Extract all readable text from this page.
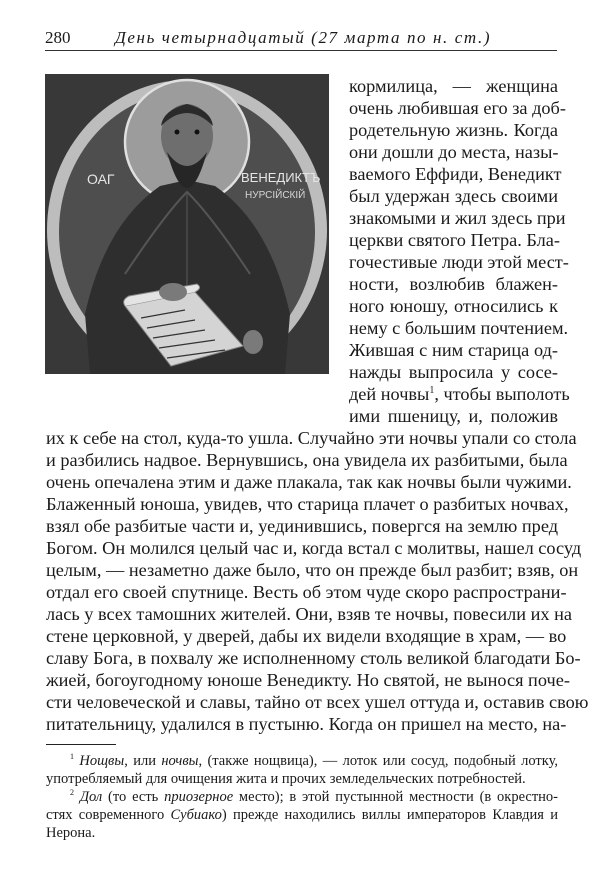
280	День четырнадцатый (27 марта по н. ст.)
ОАГ	ВЕНЕДИКТЪ
НУРСІЙСКІЙ
кормилица, — женщина
очень любившая его за доб-
родетельную жизнь. Когда
они дошли до места, назы-
ваемого Еффиди, Венедикт
был удержан здесь своими
знакомыми и жил здесь при
церкви святого Петра. Бла-
гочестивые люди этой мест-
ности, возлюбив блажен-
ного юношу, относились к
нему с большим почтением.
Жившая с ним старица од-
нажды выпросила у сосе-
дей ночвы$^1$, чтобы выполоть
ими пшеницу, и, положив
их к себе на стол, куда-то ушла. Случайно эти ночвы упали со стола
и разбились надвое. Вернувшись, она увидела их разбитыми, была
очень опечалена этим и даже плакала, так как ночвы были чужими.
Блаженный юноша, увидев, что старица плачет о разбитых ночвах,
взял обе разбитые части и, уединившись, повергся на землю пред
Богом. Он молился целый час и, когда встал с молитвы, нашел сосуд
целым, — незаметно даже было, что он прежде был разбит; взяв, он
отдал его своей спутнице. Весть об этом чуде скоро распространи-
лась у всех тамошних жителей. Они, взяв те ночвы, повесили их на
стене церковной, у дверей, дабы их видели входящие в храм, — во
славу Бога, в похвалу же исполненному столь великой благодати Бо-
жией, богоугодному юноше Венедикту. Но святой, не вынося поче-
сти человеческой и славы, тайно от всех ушел оттуда и, оставив свою
питательницу, удалился в пустыню. Когда он пришел на место, на-
$^1$ Нощвы, или ночвы, (также нощвица), — лоток или сосуд, подобный лотку,
употребляемый для очищения жита и прочих земледельческих потребностей.
$^2$ Дол (то есть приозерное место); в этой пустынной местности (в окрестно-
стях современного Субиако) прежде находились виллы императоров Клавдия и
Нерона.
